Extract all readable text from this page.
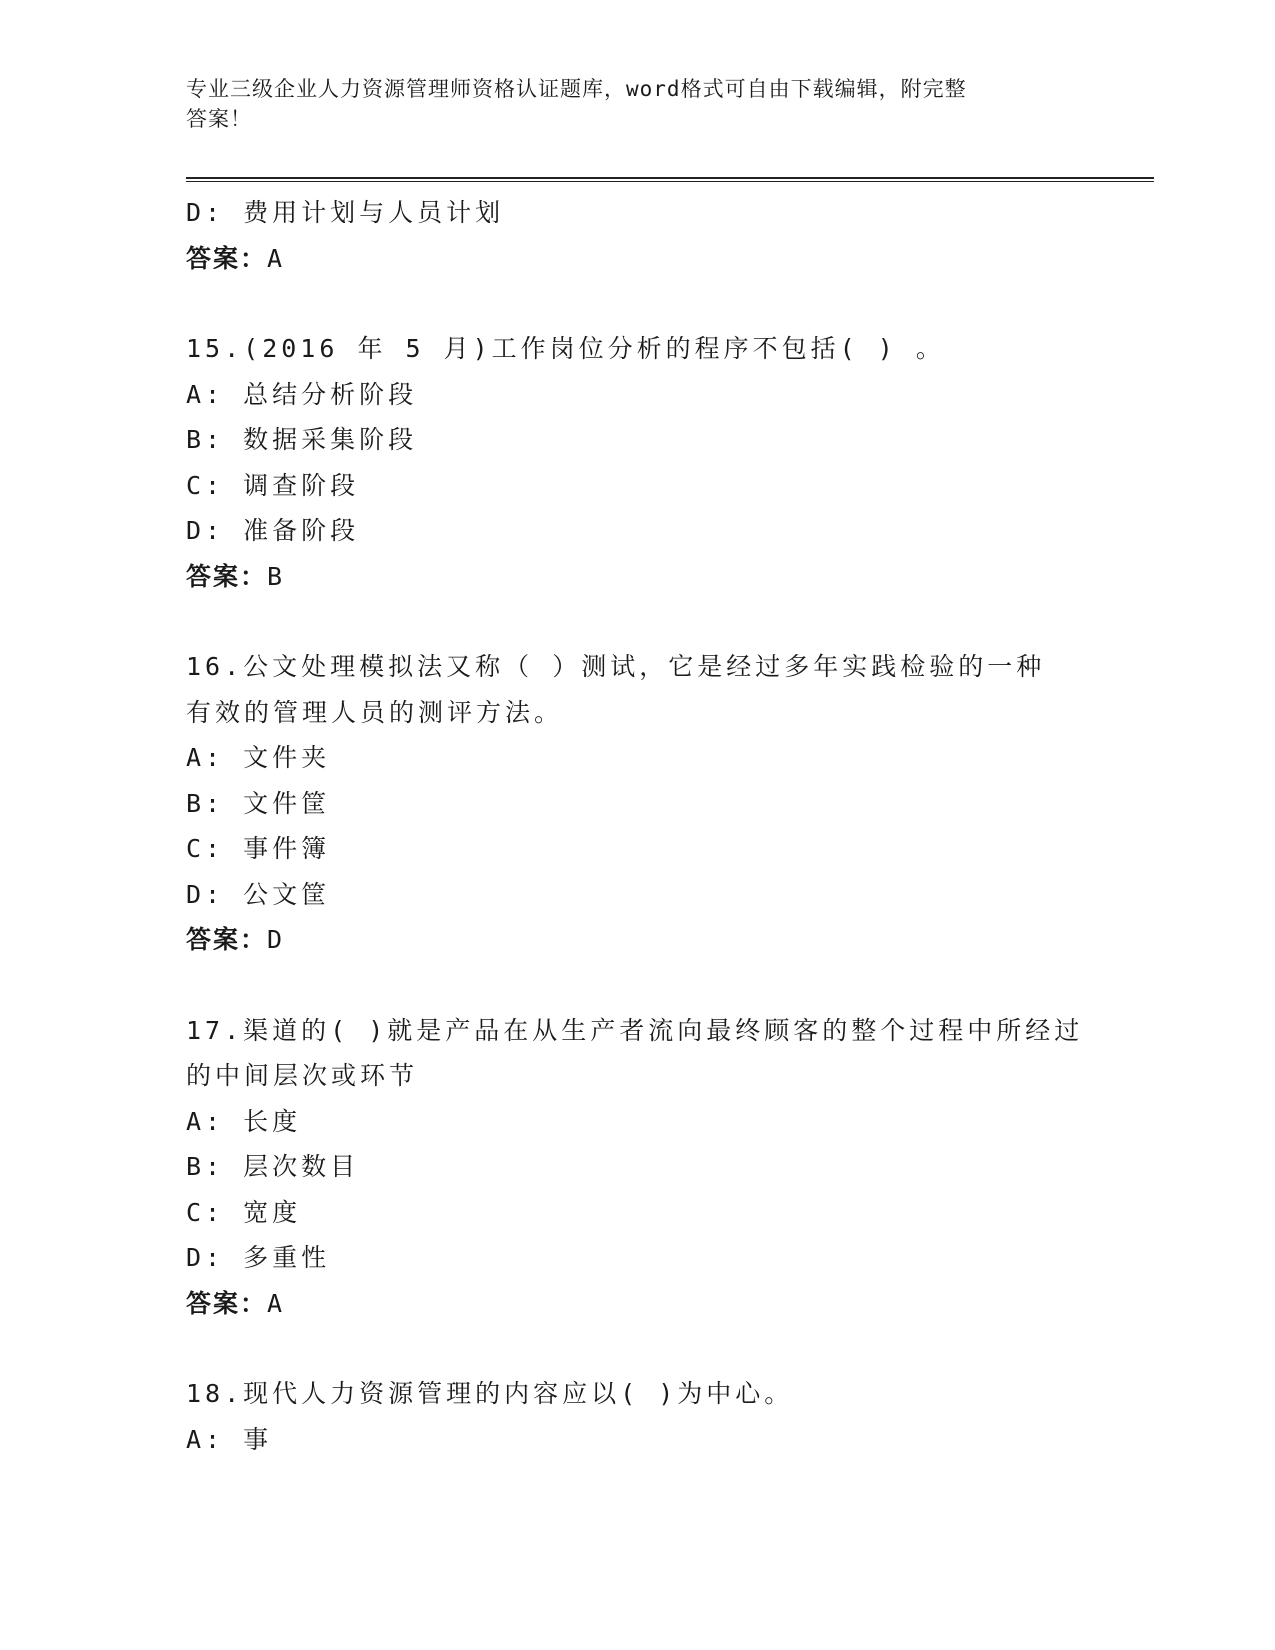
专业三级企业人力资源管理师资格认证题库，word格式可自由下载编辑，附完整
答案！
D: 费用计划与人员计划
答案：A
15.(2016 年 5 月)工作岗位分析的程序不包括( ) 。
A: 总结分析阶段
B: 数据采集阶段
C: 调查阶段
D: 准备阶段
答案：B
16.公文处理模拟法又称（ ）测试，它是经过多年实践检验的一种
有效的管理人员的测评方法。
A: 文件夹
B: 文件筐
C: 事件簿
D: 公文筐
答案：D
17.渠道的( )就是产品在从生产者流向最终顾客的整个过程中所经过
的中间层次或环节
A: 长度
B: 层次数目
C: 宽度
D: 多重性
答案：A
18.现代人力资源管理的内容应以( )为中心。
A: 事
